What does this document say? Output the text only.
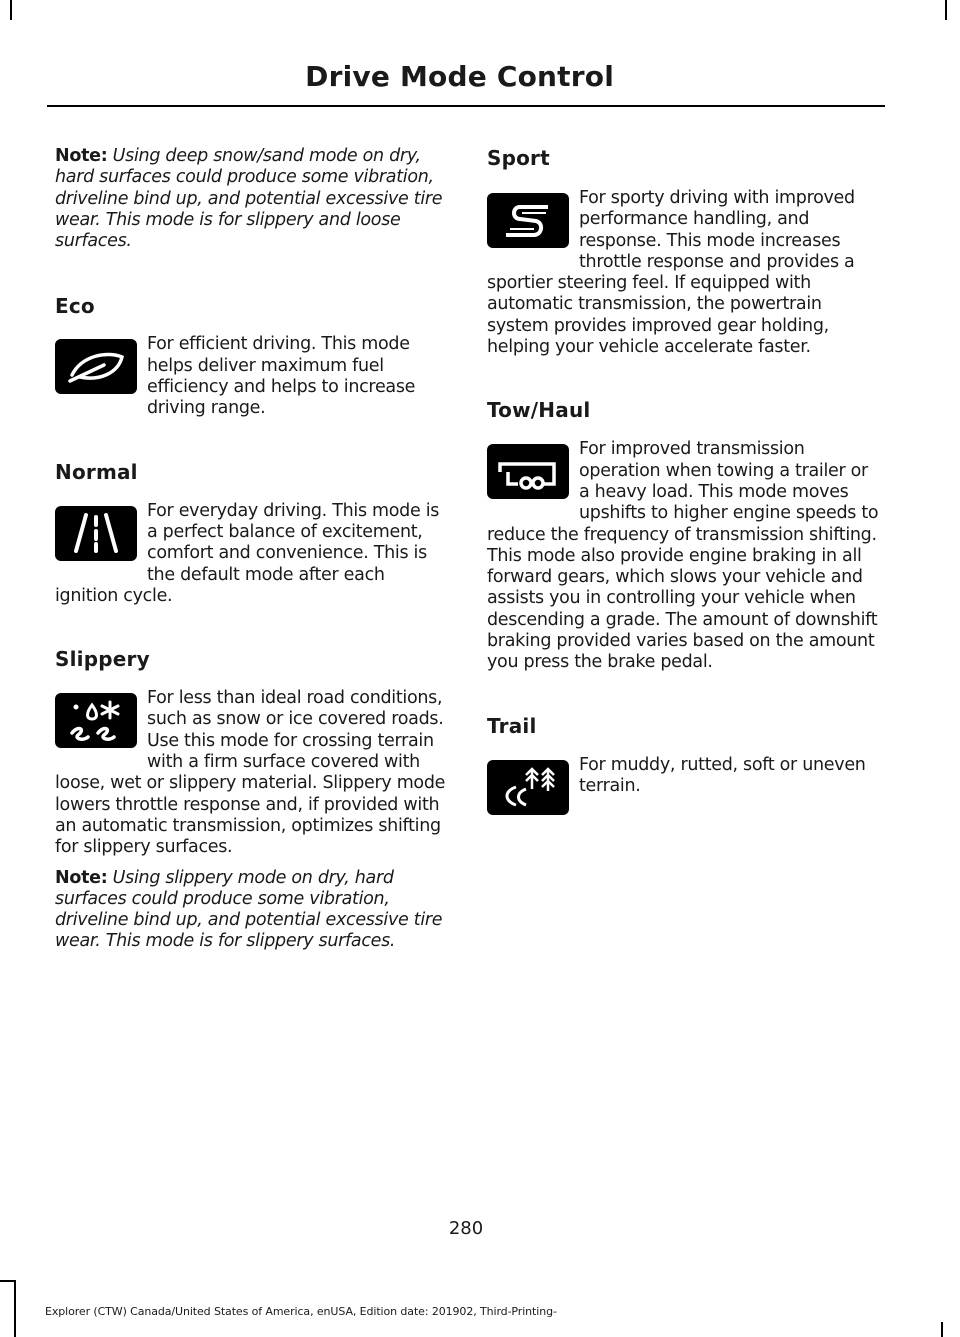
Drive Mode Control

Note: Using deep snow/sand mode on dry, hard surfaces could produce some vibration, driveline bind up, and potential excessive tire wear. This mode is for slippery and loose surfaces.

Eco

For efficient driving. This mode helps deliver maximum fuel efficiency and helps to increase driving range.

Normal

For everyday driving. This mode is a perfect balance of excitement, comfort and convenience. This is the default mode after each ignition cycle.

Slippery

For less than ideal road conditions, such as snow or ice covered roads. Use this mode for crossing terrain with a firm surface covered with loose, wet or slippery material. Slippery mode lowers throttle response and, if provided with an automatic transmission, optimizes shifting for slippery surfaces.

Note: Using slippery mode on dry, hard surfaces could produce some vibration, driveline bind up, and potential excessive tire wear. This mode is for slippery surfaces.

Sport

For sporty driving with improved performance handling, and response. This mode increases throttle response and provides a sportier steering feel. If equipped with automatic transmission, the powertrain system provides improved gear holding, helping your vehicle accelerate faster.

Tow/Haul

For improved transmission operation when towing a trailer or a heavy load. This mode moves upshifts to higher engine speeds to reduce the frequency of transmission shifting. This mode also provide engine braking in all forward gears, which slows your vehicle and assists you in controlling your vehicle when descending a grade. The amount of downshift braking provided varies based on the amount you press the brake pedal.

Trail

For muddy, rutted, soft or uneven terrain.

280
Explorer (CTW) Canada/United States of America, enUSA, Edition date: 201902, Third-Printing-
